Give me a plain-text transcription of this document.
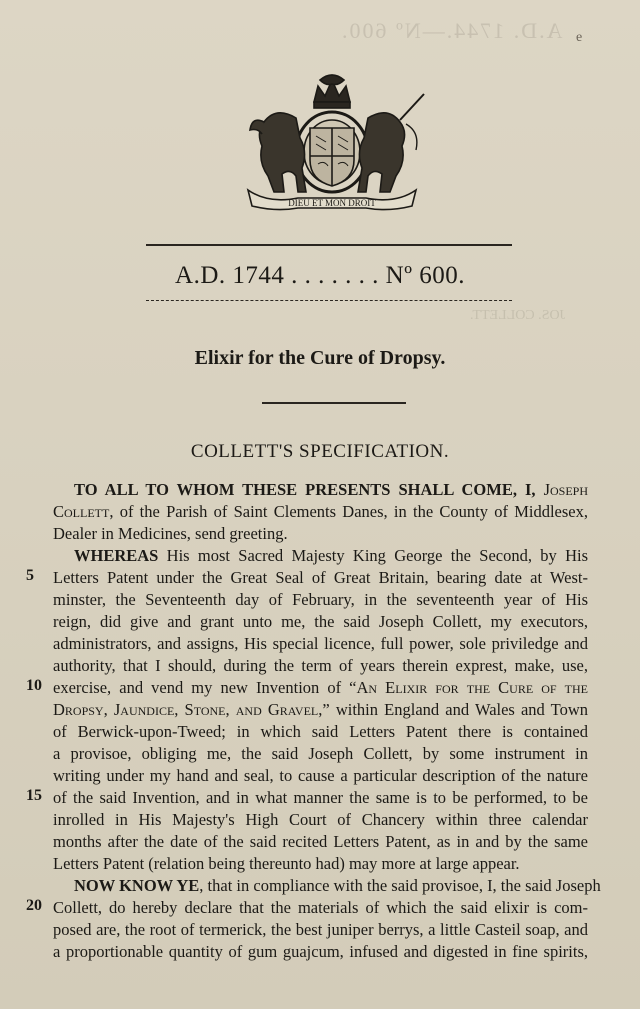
A.D. 1744.—Nº 600.
JOS. COLLETT.
e
DIEU ET MON DROIT
A.D. 1744 . . . . . . . Nº 600.
Elixir for the Cure of Dropsy.
COLLETT'S SPECIFICATION.
TO ALL TO WHOM THESE PRESENTS SHALL COME, I, Joseph
Collett, of the Parish of Saint Clements Danes, in the County of Middlesex,
Dealer in Medicines, send greeting.
WHEREAS His most Sacred Majesty King George the Second, by His
5	Letters Patent under the Great Seal of Great Britain, bearing date at West-
minster, the Seventeenth day of February, in the seventeenth year of His
reign, did give and grant unto me, the said Joseph Collett, my executors,
administrators, and assigns, His special licence, full power, sole priviledge and
authority, that I should, during the term of years therein exprest, make, use,
10 exercise, and vend my new Invention of “An Elixir for the Cure of the
Dropsy, Jaundice, Stone, and Gravel,” within England and Wales and Town
of Berwick-upon-Tweed; in which said Letters Patent there is contained
a provisoe, obliging me, the said Joseph Collett, by some instrument in
writing under my hand and seal, to cause a particular description of the nature
15 of the said Invention, and in what manner the same is to be performed, to be
inrolled in His Majesty's High Court of Chancery within three calendar
months after the date of the said recited Letters Patent, as in and by the same
Letters Patent (relation being thereunto had) may more at large appear.
NOW KNOW YE, that in compliance with the said provisoe, I, the said Joseph
20 Collett, do hereby declare that the materials of which the said elixir is com-
posed are, the root of termerick, the best juniper berrys, a little Casteil soap, and
a proportionable quantity of gum guajcum, infused and digested in fine spirits,
